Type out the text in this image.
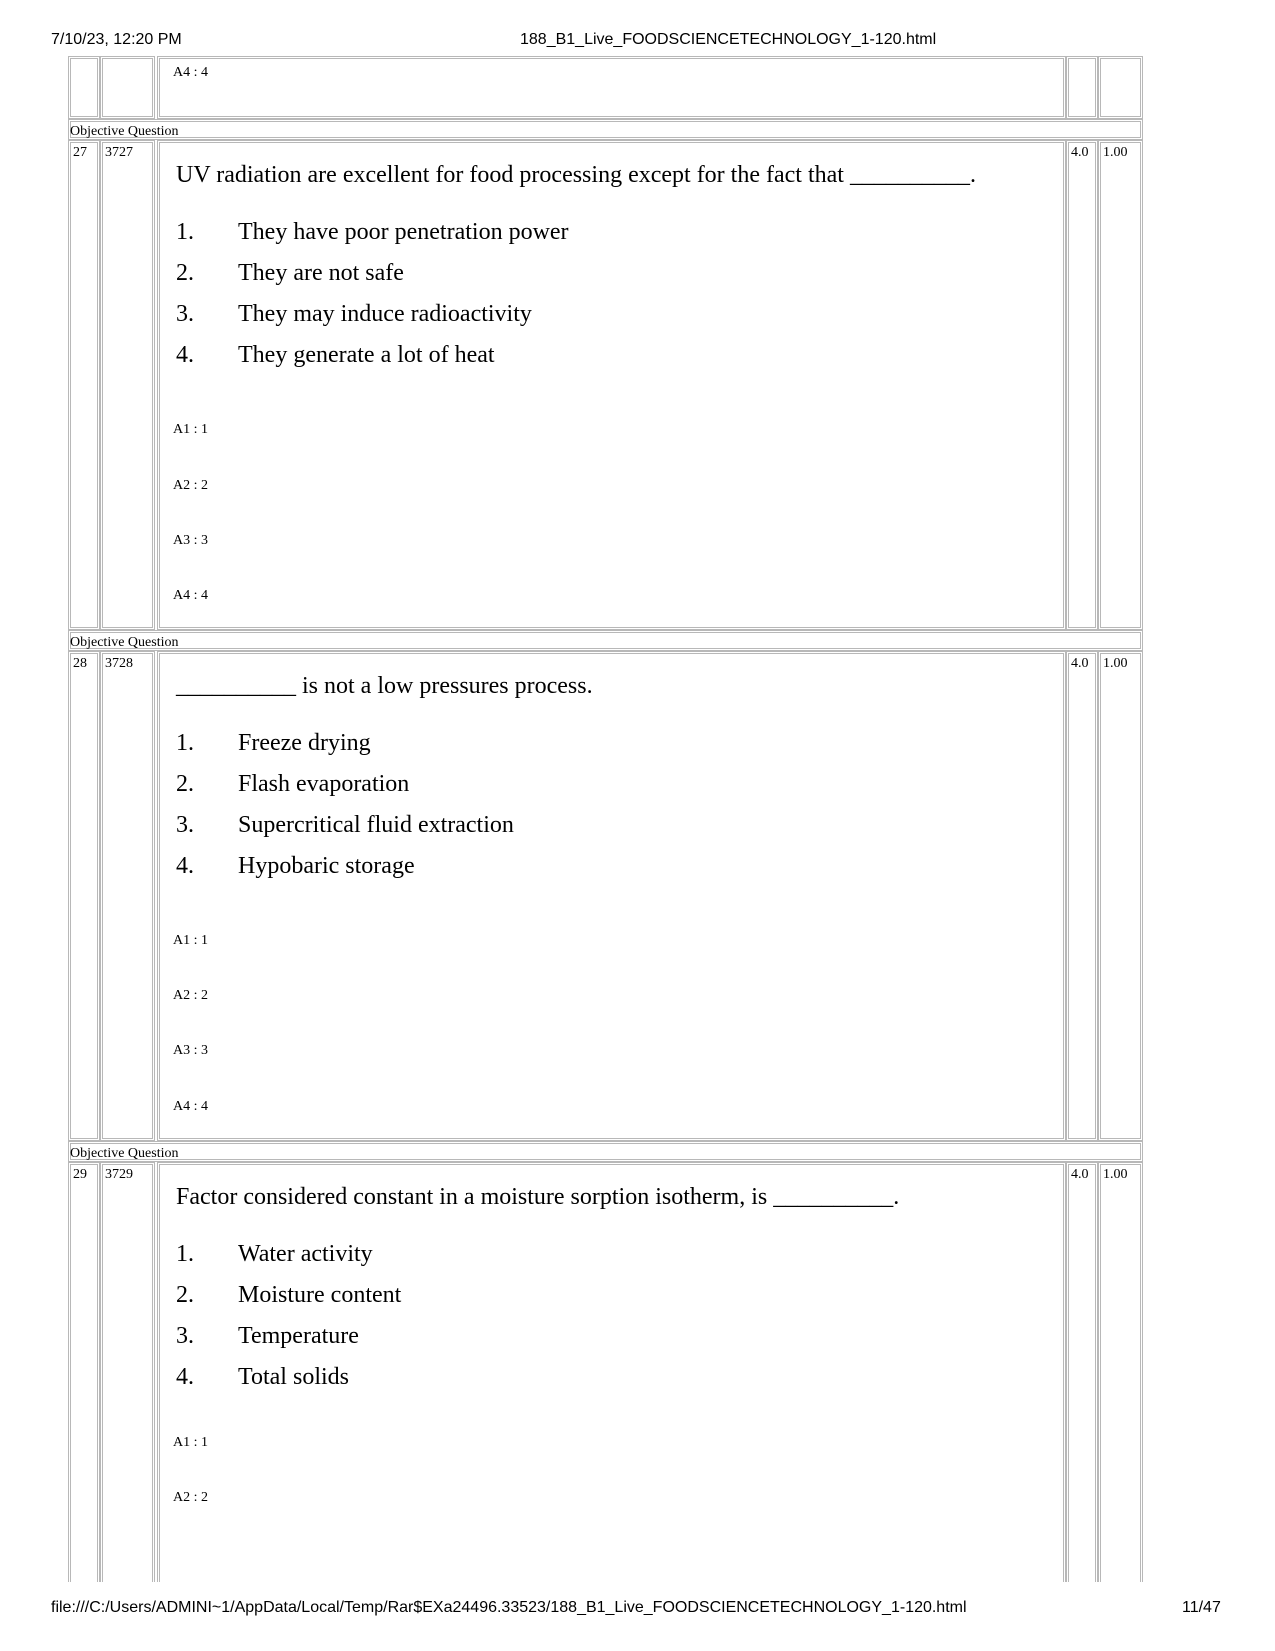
7/10/23, 12:20 PM	188_B1_Live_FOODSCIENCETECHNOLOGY_1-120.html
A4 : 4
Objective Question
27	3727	4.0	1.00
UV radiation are excellent for food processing except for the fact that __________.
1. They have poor penetration power
2. They are not safe
3. They may induce radioactivity
4. They generate a lot of heat
A1 : 1
A2 : 2
A3 : 3
A4 : 4
Objective Question
28	3728	4.0	1.00
__________ is not a low pressures process.
1. Freeze drying
2. Flash evaporation
3. Supercritical fluid extraction
4. Hypobaric storage
A1 : 1
A2 : 2
A3 : 3
A4 : 4
Objective Question
29	3729	4.0	1.00
Factor considered constant in a moisture sorption isotherm, is __________.
1. Water activity
2. Moisture content
3. Temperature
4. Total solids
A1 : 1
A2 : 2
file:///C:/Users/ADMINI~1/AppData/Local/Temp/Rar$EXa24496.33523/188_B1_Live_FOODSCIENCETECHNOLOGY_1-120.html	11/47
